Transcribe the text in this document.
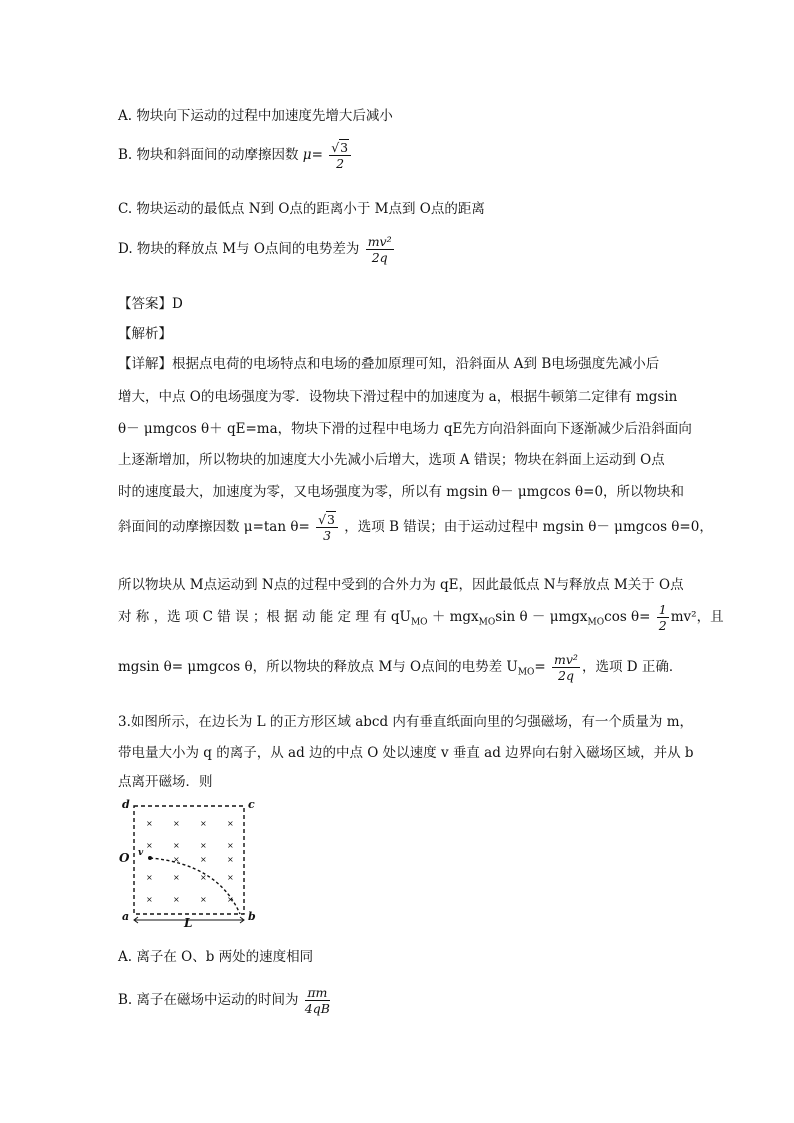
A. 物块向下运动的过程中加速度先增大后减小
B. 物块和斜面间的动摩擦因数 $\mu= \frac{√3}{2}$
C. 物块运动的最低点 N到 O点的距离小于 M点到 O点的距离
D. 物块的释放点 M与 O点间的电势差为 $\frac{\text{mv²}}{2q}$
【答案】D
【解析】
【详解】根据点电荷的电场特点和电场的叠加原理可知，沿斜面从 A到 B电场强度先减小后
增大，中点 O的电场强度为零．设物块下滑过程中的加速度为 a，根据牛顿第二定律有 mgsin
θ－ μmgcos θ＋ qE=ma，物块下滑的过程中电场力 qE先方向沿斜面向下逐渐减少后沿斜面向
上逐渐增加，所以物块的加速度大小先减小后增大，选项 A 错误；物块在斜面上运动到 O点
时的速度最大，加速度为零，又电场强度为零，所以有 mgsin θ－ μmgcos θ=0，所以物块和
斜面间的动摩擦因数 μ=tan $\theta= \frac{√3}{3}$ ，选项 B 错误；由于运动过程中 mgsin θ－ μmgcos θ=0，
所以物块从 M点运动到 N点的过程中受到的合外力为 qE，因此最低点 N与释放点 M关于 O点
对 称 ，选 项 C 错 误 ；根 据 动 能 定 理 有 $qU_{MO} + mgx_{MO}\sin$ θ － μmgx$_{MO}$cos $\theta= \frac{1}{2} mv^2$，且
mgsin θ= μmgcos θ，所以物块的释放点 M与 O点间的电势差 $U_{MO}= \frac{\text{mv²}}{2q}$ ，选项 D 正确．
3.如图所示，在边长为 L 的正方形区域 abcd 内有垂直纸面向里的匀强磁场，有一个质量为 m，
带电量大小为 q 的离子，从 ad 边的中点 O 处以速度 v 垂直 ad 边界向右射入磁场区域，并从 b
点离开磁场．则
×	×	×	×
×	×	×	×
×	×	×
×	×	×	×
×	×	×	×
d	c
O v
a	b
L
A. 离子在 O、b 两处的速度相同
B. 离子在磁场中运动的时间为 $\frac{\pi m}{4qB}$
